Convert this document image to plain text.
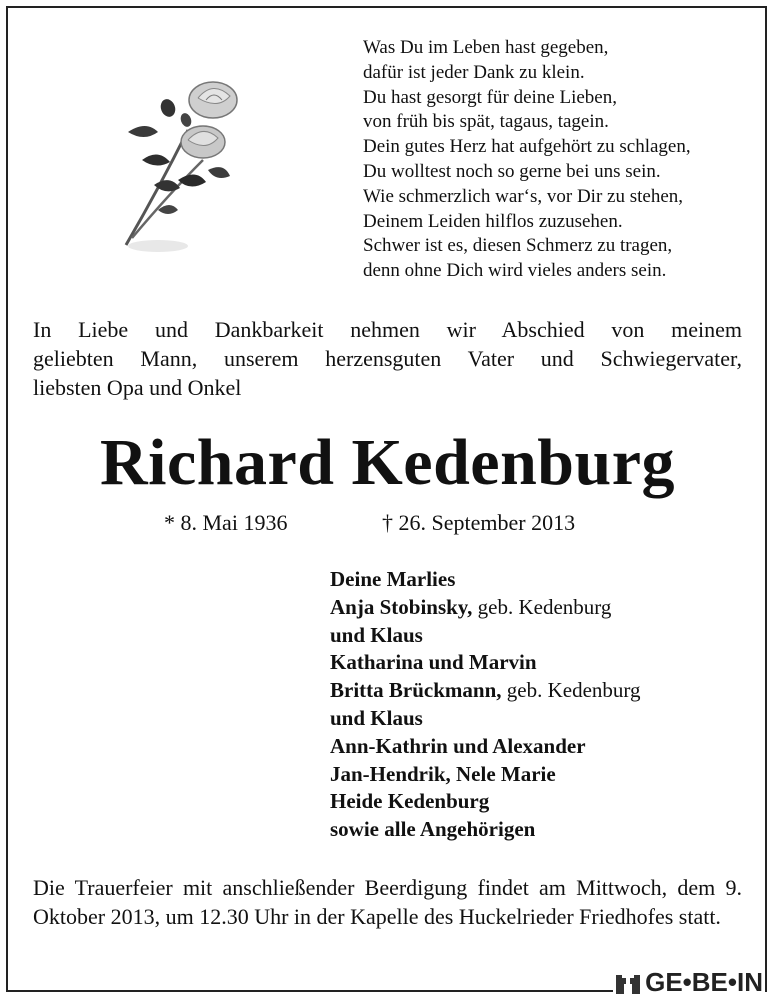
Was Du im Leben hast gegeben,
dafür ist jeder Dank zu klein.
Du hast gesorgt für deine Lieben,
von früh bis spät, tagaus, tagein.
Dein gutes Herz hat aufgehört zu schlagen,
Du wolltest noch so gerne bei uns sein.
Wie schmerzlich war‘s, vor Dir zu stehen,
Deinem Leiden hilflos zuzusehen.
Schwer ist es, diesen Schmerz zu tragen,
denn ohne Dich wird vieles anders sein.
In Liebe und Dankbarkeit nehmen wir Abschied von meinem
geliebten Mann, unserem herzensguten Vater und Schwiegervater,
liebsten Opa und Onkel
Richard Kedenburg
* 8. Mai 1936	† 26. September 2013
Deine Marlies
Anja Stobinsky, geb. Kedenburg
und Klaus
Katharina und Marvin
Britta Brückmann, geb. Kedenburg
und Klaus
Ann-Kathrin und Alexander
Jan-Hendrik, Nele Marie
Heide Kedenburg
sowie alle Angehörigen
Die Trauerfeier mit anschließender Beerdigung findet am Mittwoch, dem 9. Oktober 2013, um 12.30 Uhr in der Kapelle des Huckelrieder Friedhofes statt.
GE•BE•IN
